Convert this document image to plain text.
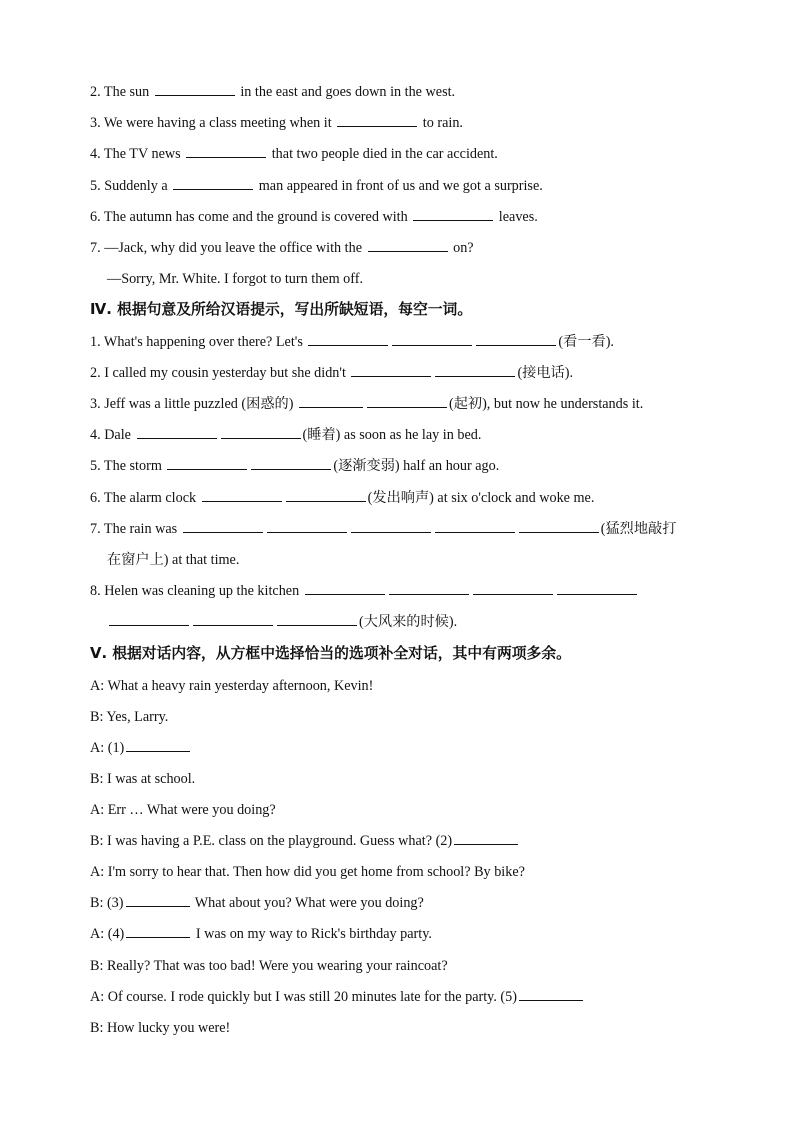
2. The sun	in the east and goes down in the west.
3. We were having a class meeting when it	to rain.
4. The TV news	that two people died in the car accident.
5. Suddenly a	man appeared in front of us and we got a surprise.
6. The autumn has come and the ground is covered with	leaves.
7. —Jack, why did you leave the office with the	on?
—Sorry, Mr. White. I forgot to turn them off.
Ⅳ. 根据句意及所给汉语提示，写出所缺短语，每空一词。
1. What's happening over there? Let's	(看一看).
2. I called my cousin yesterday but she didn't	(接电话).
3. Jeff was a little puzzled (困惑的)	(起初), but now he understands it.
4. Dale	(睡着) as soon as he lay in bed.
5. The storm	(逐渐变弱) half an hour ago.
6. The alarm clock	(发出响声) at six o'clock and woke me.
7. The rain was	(猛烈地敲打
在窗户上) at that time.
8. Helen was cleaning up the kitchen
(大风来的时候).
Ⅴ. 根据对话内容，从方框中选择恰当的选项补全对话，其中有两项多余。
A: What a heavy rain yesterday afternoon, Kevin!
B: Yes, Larry.
A: (1)
B: I was at school.
A: Err … What were you doing?
B: I was having a P.E. class on the playground. Guess what? (2)
A: I'm sorry to hear that. Then how did you get home from school? By bike?
B: (3)	What about you? What were you doing?
A: (4)	I was on my way to Rick's birthday party.
B: Really? That was too bad! Were you wearing your raincoat?
A: Of course. I rode quickly but I was still 20 minutes late for the party. (5)
B: How lucky you were!
